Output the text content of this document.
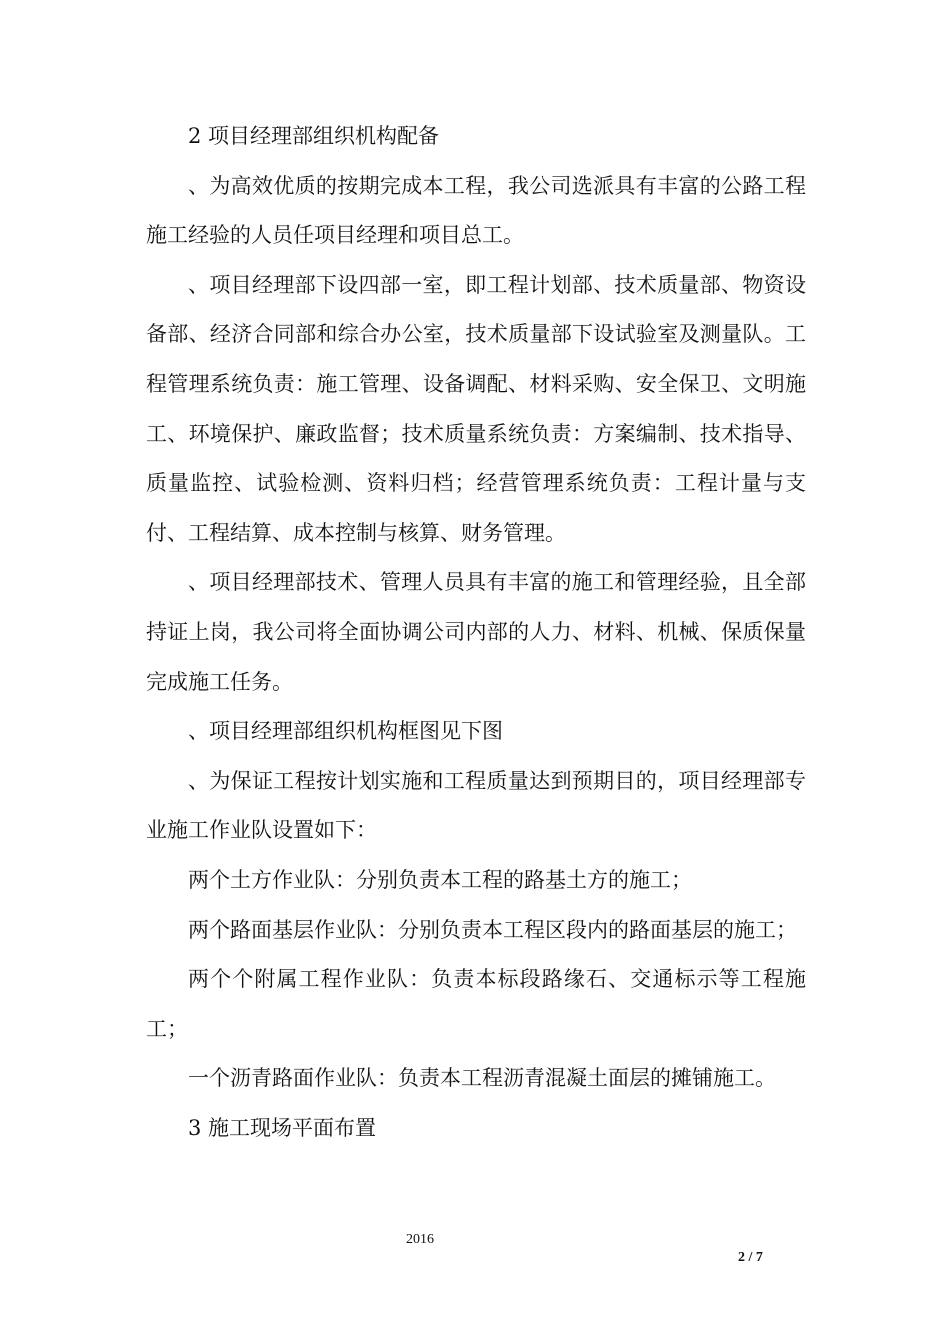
2 项目经理部组织机构配备

、为高效优质的按期完成本工程，我公司选派具有丰富的公路工程施工经验的人员任项目经理和项目总工。

、项目经理部下设四部一室，即工程计划部、技术质量部、物资设备部、经济合同部和综合办公室，技术质量部下设试验室及测量队。工程管理系统负责：施工管理、设备调配、材料采购、安全保卫、文明施工、环境保护、廉政监督；技术质量系统负责：方案编制、技术指导、质量监控、试验检测、资料归档；经营管理系统负责：工程计量与支付、工程结算、成本控制与核算、财务管理。

、项目经理部技术、管理人员具有丰富的施工和管理经验，且全部持证上岗，我公司将全面协调公司内部的人力、材料、机械、保质保量完成施工任务。

、项目经理部组织机构框图见下图

、为保证工程按计划实施和工程质量达到预期目的，项目经理部专业施工作业队设置如下：

两个土方作业队：分别负责本工程的路基土方的施工；

两个路面基层作业队：分别负责本工程区段内的路面基层的施工；

两个个附属工程作业队：负责本标段路缘石、交通标示等工程施工；

一个沥青路面作业队：负责本工程沥青混凝土面层的摊铺施工。

3 施工现场平面布置

2016
2 / 7
